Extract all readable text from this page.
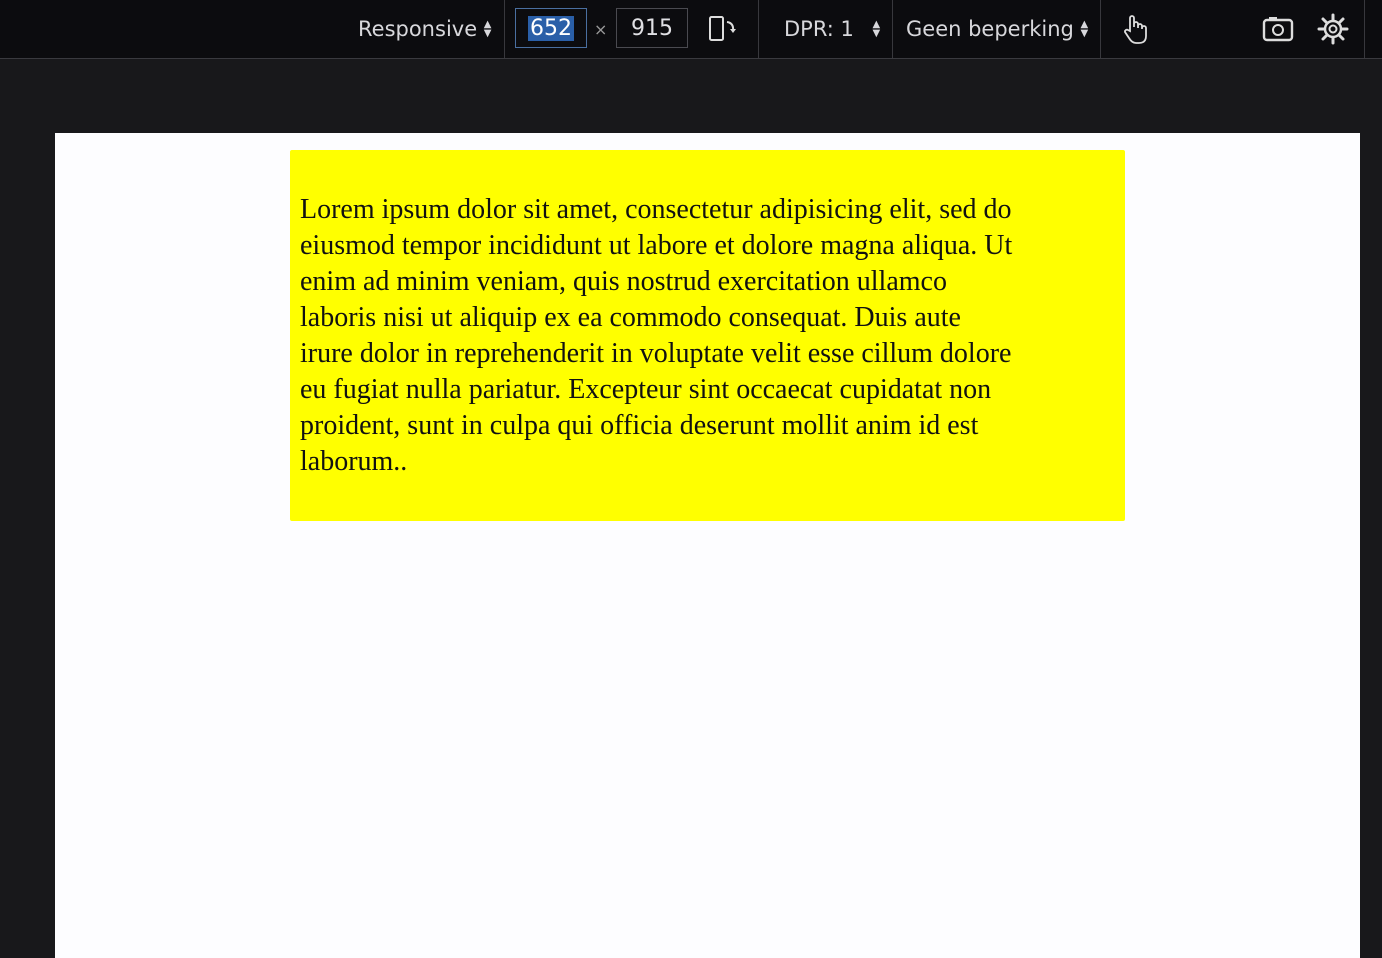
Responsive ▲
▼ 652 × 915	DPR: 1 ▲
▼ Geen beperking ▲
▼
Lorem ipsum dolor sit amet, consectetur adipisicing elit, sed do
eiusmod tempor incididunt ut labore et dolore magna aliqua. Ut
enim ad minim veniam, quis nostrud exercitation ullamco
laboris nisi ut aliquip ex ea commodo consequat. Duis aute
irure dolor in reprehenderit in voluptate velit esse cillum dolore
eu fugiat nulla pariatur. Excepteur sint occaecat cupidatat non
proident, sunt in culpa qui officia deserunt mollit anim id est
laborum..
